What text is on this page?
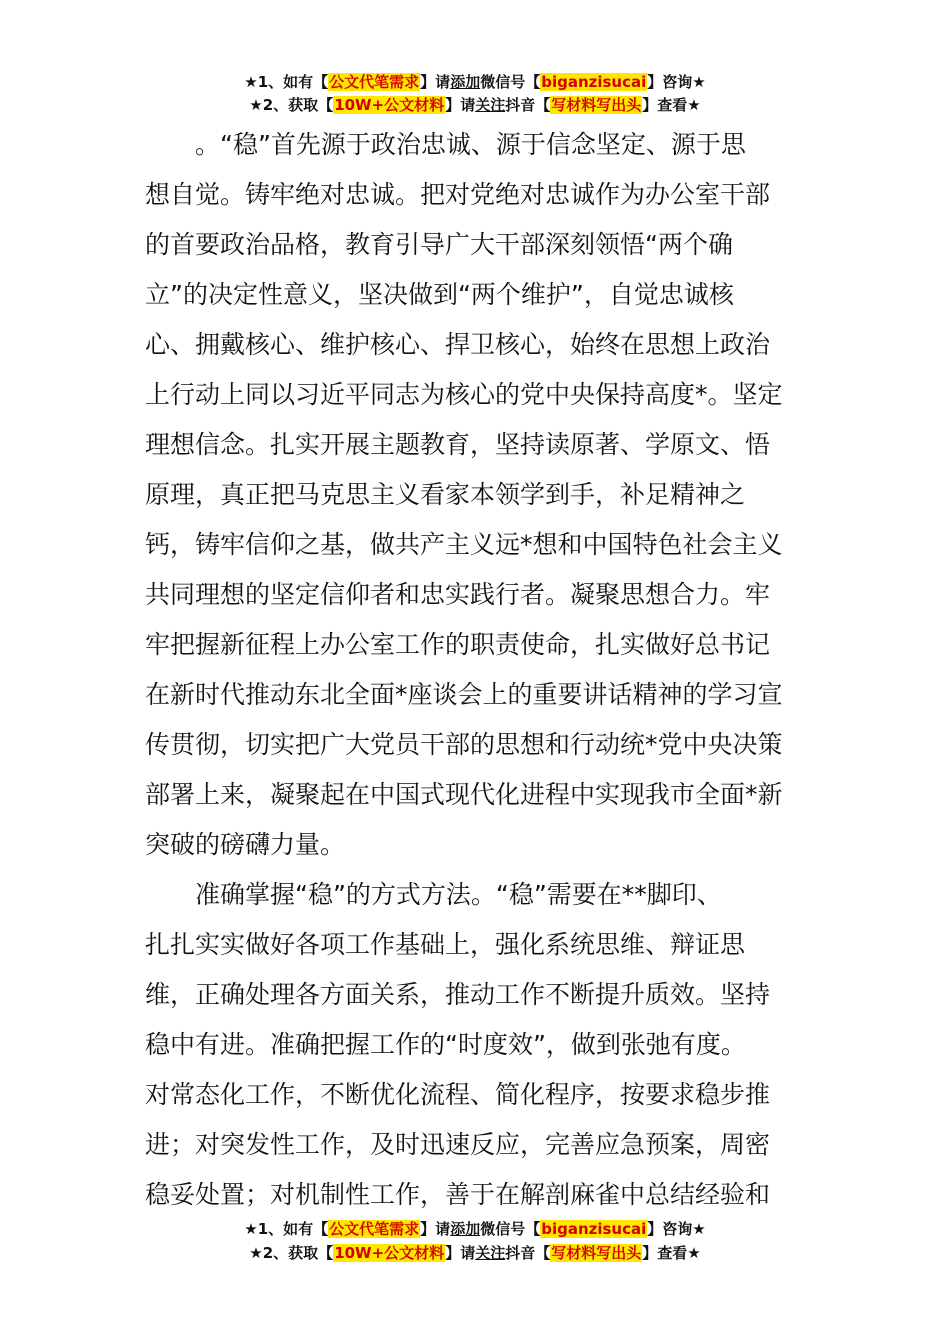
★1、如有【公文代笔需求】请添加微信号【biganzisucai】咨询★
★2、获取【10W+公文材料】请关注抖音【写材料写出头】查看★
　　。“稳”首先源于政治忠诚、源于信念坚定、源于思
想自觉。铸牢绝对忠诚。把对党绝对忠诚作为办公室干部
的首要政治品格，教育引导广大干部深刻领悟“两个确
立”的决定性意义，坚决做到“两个维护”，自觉忠诚核
心、拥戴核心、维护核心、捍卫核心，始终在思想上政治
上行动上同以习近平同志为核心的党中央保持高度*。坚定
理想信念。扎实开展主题教育，坚持读原著、学原文、悟
原理，真正把马克思主义看家本领学到手，补足精神之
钙，铸牢信仰之基，做共产主义远*想和中国特色社会主义
共同理想的坚定信仰者和忠实践行者。凝聚思想合力。牢
牢把握新征程上办公室工作的职责使命，扎实做好总书记
在新时代推动东北全面*座谈会上的重要讲话精神的学习宣
传贯彻，切实把广大党员干部的思想和行动统*党中央决策
部署上来，凝聚起在中国式现代化进程中实现我市全面*新
突破的磅礴力量。
　　准确掌握“稳”的方式方法。“稳”需要在**脚印、
扎扎实实做好各项工作基础上，强化系统思维、辩证思
维，正确处理各方面关系，推动工作不断提升质效。坚持
稳中有进。准确把握工作的“时度效”，做到张弛有度。
对常态化工作，不断优化流程、简化程序，按要求稳步推
进；对突发性工作，及时迅速反应，完善应急预案，周密
稳妥处置；对机制性工作，善于在解剖麻雀中总结经验和
★1、如有【公文代笔需求】请添加微信号【biganzisucai】咨询★
★2、获取【10W+公文材料】请关注抖音【写材料写出头】查看★
